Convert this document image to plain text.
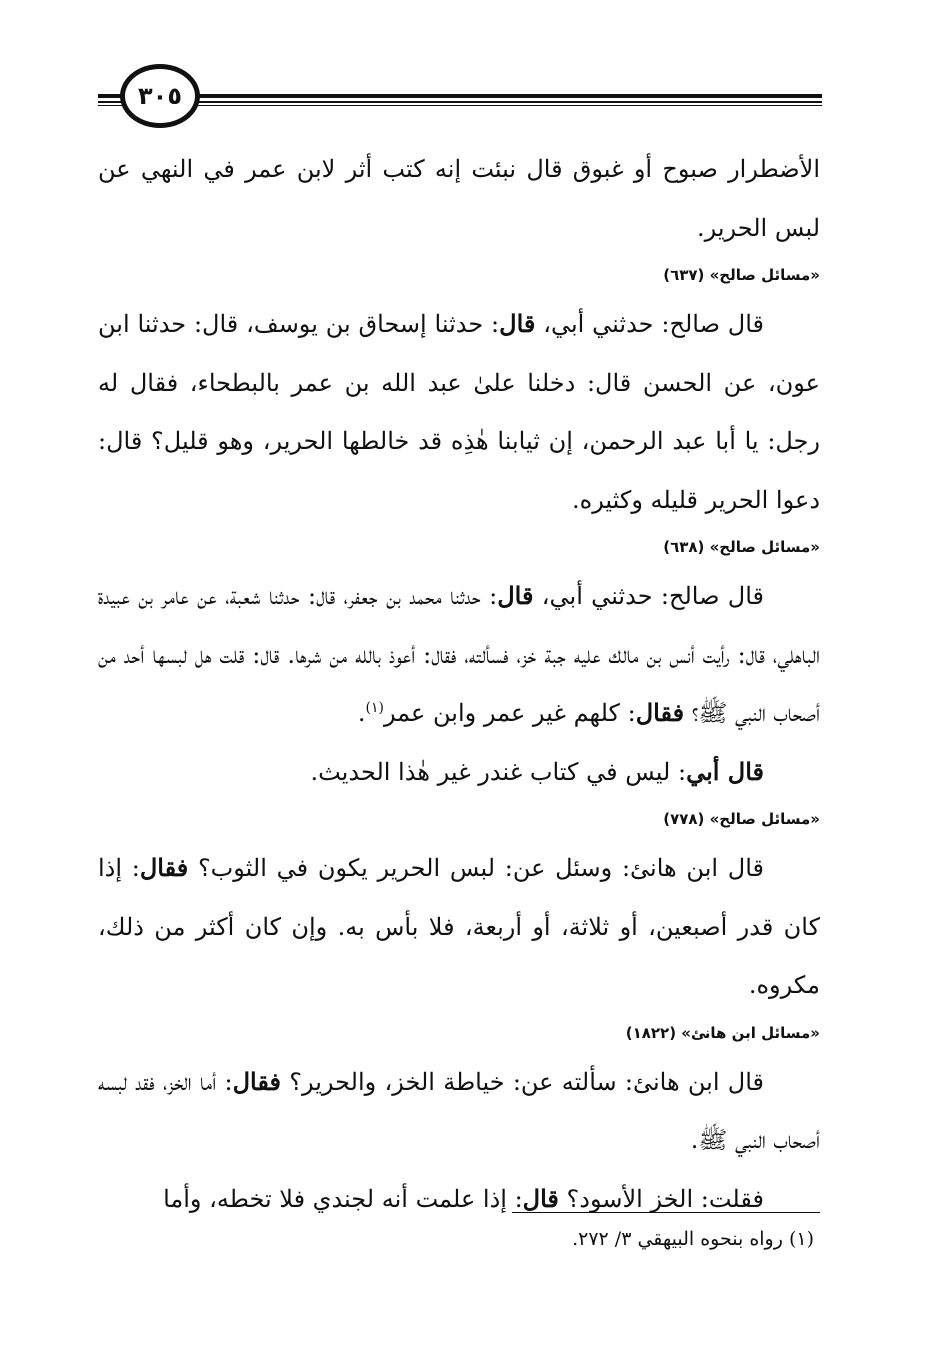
٣٠٥

الأضطرار صبوح أو غبوق قال نبئت إنه كتب أثر لابن عمر في النهي عن لبس الحرير.

«مسائل صالح» (٦٣٧)

قال صالح: حدثني أبي، قال: حدثنا إسحاق بن يوسف، قال: حدثنا ابن عون، عن الحسن قال: دخلنا علىٰ عبد الله بن عمر بالبطحاء، فقال له رجل: يا أبا عبد الرحمن، إن ثيابنا هٰذِه قد خالطها الحرير، وهو قليل؟ قال: دعوا الحرير قليله وكثيره.

«مسائل صالح» (٦٣٨)

قال صالح: حدثني أبي، قال: حدثنا محمد بن جعفر، قال: حدثنا شعبة، عن عامر بن عبيدة الباهلي، قال: رأيت أنس بن مالك عليه جبة خز، فسألته، فقال: أعوذ بالله من شرها. قال: قلت هل لبسها أحد من أصحاب النبي ﷺ؟ فقال: كلهم غير عمر وابن عمر$^{(١)}$.

قال أبي: ليس في كتاب غندر غير هٰذا الحديث.

«مسائل صالح» (٧٧٨)

قال ابن هانئ: وسئل عن: لبس الحرير يكون في الثوب؟ فقال: إذا كان قدر أصبعين، أو ثلاثة، أو أربعة، فلا بأس به. وإن كان أكثر من ذلك، مكروه.

«مسائل ابن هانئ» (١٨٢٢)

قال ابن هانئ: سألته عن: خياطة الخز، والحرير؟ فقال: أما الخز، فقد لبسه أصحاب النبي ﷺ.

فقلت: الخز الأسود؟ قال: إذا علمت أنه لجندي فلا تخطه، وأما

(١) رواه بنحوه البيهقي ٣/ ٢٧٢.
